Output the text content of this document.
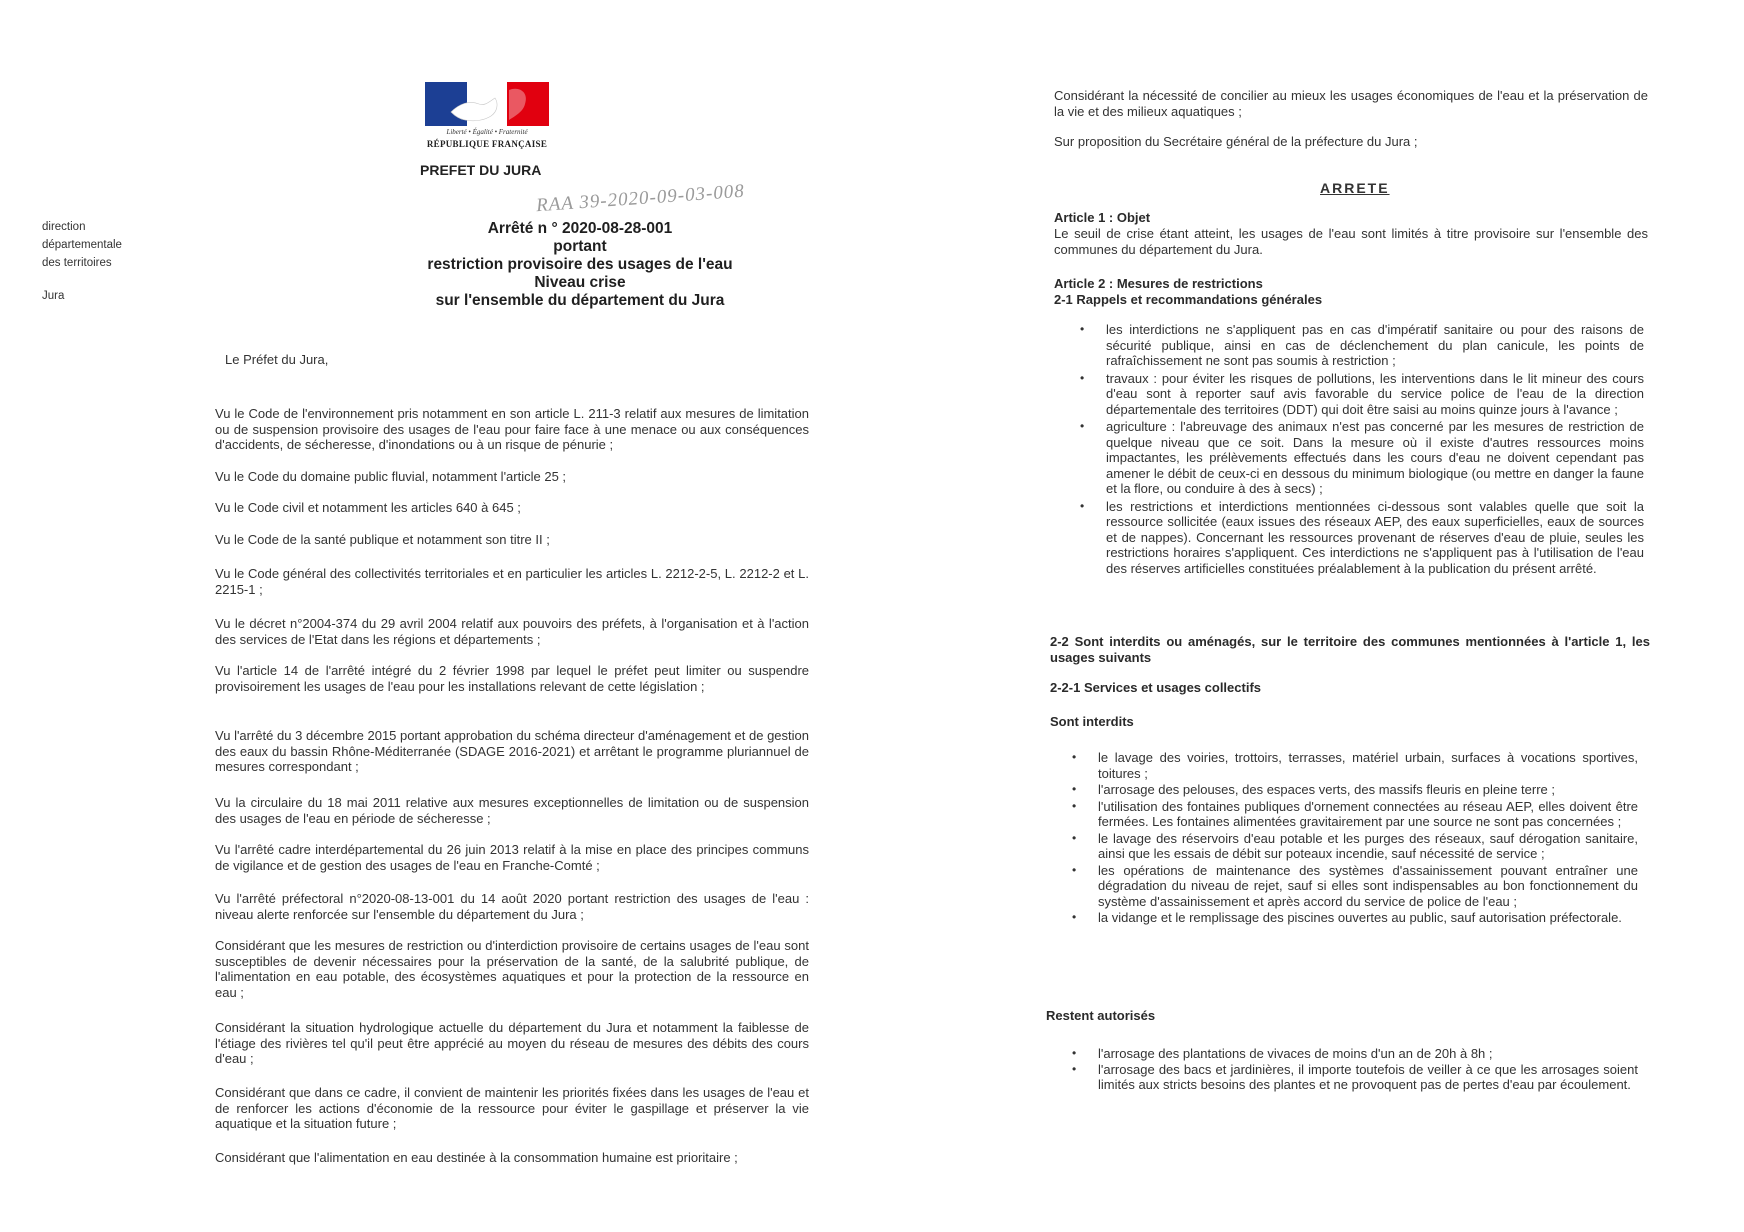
Liberté • Égalité • Fraternité
RÉPUBLIQUE FRANÇAISE
PREFET DU JURA
direction
départementale
des territoires
Jura
RAA 39-2020-09-03-008
Arrêté n ° 2020-08-28-001
portant
restriction provisoire des usages de l'eau
Niveau crise
sur l'ensemble du département du Jura
Le Préfet du Jura,
Vu le Code de l'environnement pris notamment en son article L. 211-3 relatif aux mesures de limitation ou de suspension provisoire des usages de l'eau pour faire face à une menace ou aux conséquences d'accidents, de sécheresse, d'inondations ou à un risque de pénurie ;
Vu le Code du domaine public fluvial, notamment l'article 25 ;
Vu le Code civil et notamment les articles 640 à 645 ;
Vu le Code de la santé publique et notamment son titre II ;
Vu le Code général des collectivités territoriales et en particulier les articles L. 2212-2-5, L. 2212-2 et L. 2215-1 ;
Vu le décret n°2004-374 du 29 avril 2004 relatif aux pouvoirs des préfets, à l'organisation et à l'action des services de l'Etat dans les régions et départements ;
Vu l'article 14 de l'arrêté intégré du 2 février 1998 par lequel le préfet peut limiter ou suspendre provisoirement les usages de l'eau pour les installations relevant de cette législation ;
Vu l'arrêté du 3 décembre 2015 portant approbation du schéma directeur d'aménagement et de gestion des eaux du bassin Rhône-Méditerranée (SDAGE 2016-2021) et arrêtant le programme pluriannuel de mesures correspondant ;
Vu la circulaire du 18 mai 2011 relative aux mesures exceptionnelles de limitation ou de suspension des usages de l'eau en période de sécheresse ;
Vu l'arrêté cadre interdépartemental du 26 juin 2013 relatif à la mise en place des principes communs de vigilance et de gestion des usages de l'eau en Franche-Comté ;
Vu l'arrêté préfectoral n°2020-08-13-001 du 14 août 2020 portant restriction des usages de l'eau : niveau alerte renforcée sur l'ensemble du département du Jura ;
Considérant que les mesures de restriction ou d'interdiction provisoire de certains usages de l'eau sont susceptibles de devenir nécessaires pour la préservation de la santé, de la salubrité publique, de l'alimentation en eau potable, des écosystèmes aquatiques et pour la protection de la ressource en eau ;
Considérant la situation hydrologique actuelle du département du Jura et notamment la faiblesse de l'étiage des rivières tel qu'il peut être apprécié au moyen du réseau de mesures des débits des cours d'eau ;
Considérant que dans ce cadre, il convient de maintenir les priorités fixées dans les usages de l'eau et de renforcer les actions d'économie de la ressource pour éviter le gaspillage et préserver la vie aquatique et la situation future ;
Considérant que l'alimentation en eau destinée à la consommation humaine est prioritaire ;
Considérant la nécessité de concilier au mieux les usages économiques de l'eau et la préservation de la vie et des milieux aquatiques ;
Sur proposition du Secrétaire général de la préfecture du Jura ;
ARRETE
Article 1 : Objet
Le seuil de crise étant atteint, les usages de l'eau sont limités à titre provisoire sur l'ensemble des communes du département du Jura.
Article 2 : Mesures de restrictions
2-1 Rappels et recommandations générales
• les interdictions ne s'appliquent pas en cas d'impératif sanitaire ou pour des raisons de sécurité publique, ainsi en cas de déclenchement du plan canicule, les points de rafraîchissement ne sont pas soumis à restriction ;
• travaux : pour éviter les risques de pollutions, les interventions dans le lit mineur des cours d'eau sont à reporter sauf avis favorable du service police de l'eau de la direction départementale des territoires (DDT) qui doit être saisi au moins quinze jours à l'avance ;
• agriculture : l'abreuvage des animaux n'est pas concerné par les mesures de restriction de quelque niveau que ce soit. Dans la mesure où il existe d'autres ressources moins impactantes, les prélèvements effectués dans les cours d'eau ne doivent cependant pas amener le débit de ceux-ci en dessous du minimum biologique (ou mettre en danger la faune et la flore, ou conduire à des à secs) ;
• les restrictions et interdictions mentionnées ci-dessous sont valables quelle que soit la ressource sollicitée (eaux issues des réseaux AEP, des eaux superficielles, eaux de sources et de nappes). Concernant les ressources provenant de réserves d'eau de pluie, seules les restrictions horaires s'appliquent. Ces interdictions ne s'appliquent pas à l'utilisation de l'eau des réserves artificielles constituées préalablement à la publication du présent arrêté.
2-2 Sont interdits ou aménagés, sur le territoire des communes mentionnées à l'article 1, les usages suivants
2-2-1 Services et usages collectifs
Sont interdits
• le lavage des voiries, trottoirs, terrasses, matériel urbain, surfaces à vocations sportives, toitures ;
• l'arrosage des pelouses, des espaces verts, des massifs fleuris en pleine terre ;
• l'utilisation des fontaines publiques d'ornement connectées au réseau AEP, elles doivent être fermées. Les fontaines alimentées gravitairement par une source ne sont pas concernées ;
• le lavage des réservoirs d'eau potable et les purges des réseaux, sauf dérogation sanitaire, ainsi que les essais de débit sur poteaux incendie, sauf nécessité de service ;
• les opérations de maintenance des systèmes d'assainissement pouvant entraîner une dégradation du niveau de rejet, sauf si elles sont indispensables au bon fonctionnement du système d'assainissement et après accord du service de police de l'eau ;
• la vidange et le remplissage des piscines ouvertes au public, sauf autorisation préfectorale.
Restent autorisés
• l'arrosage des plantations de vivaces de moins d'un an de 20h à 8h ;
• l'arrosage des bacs et jardinières, il importe toutefois de veiller à ce que les arrosages soient limités aux stricts besoins des plantes et ne provoquent pas de pertes d'eau par écoulement.
